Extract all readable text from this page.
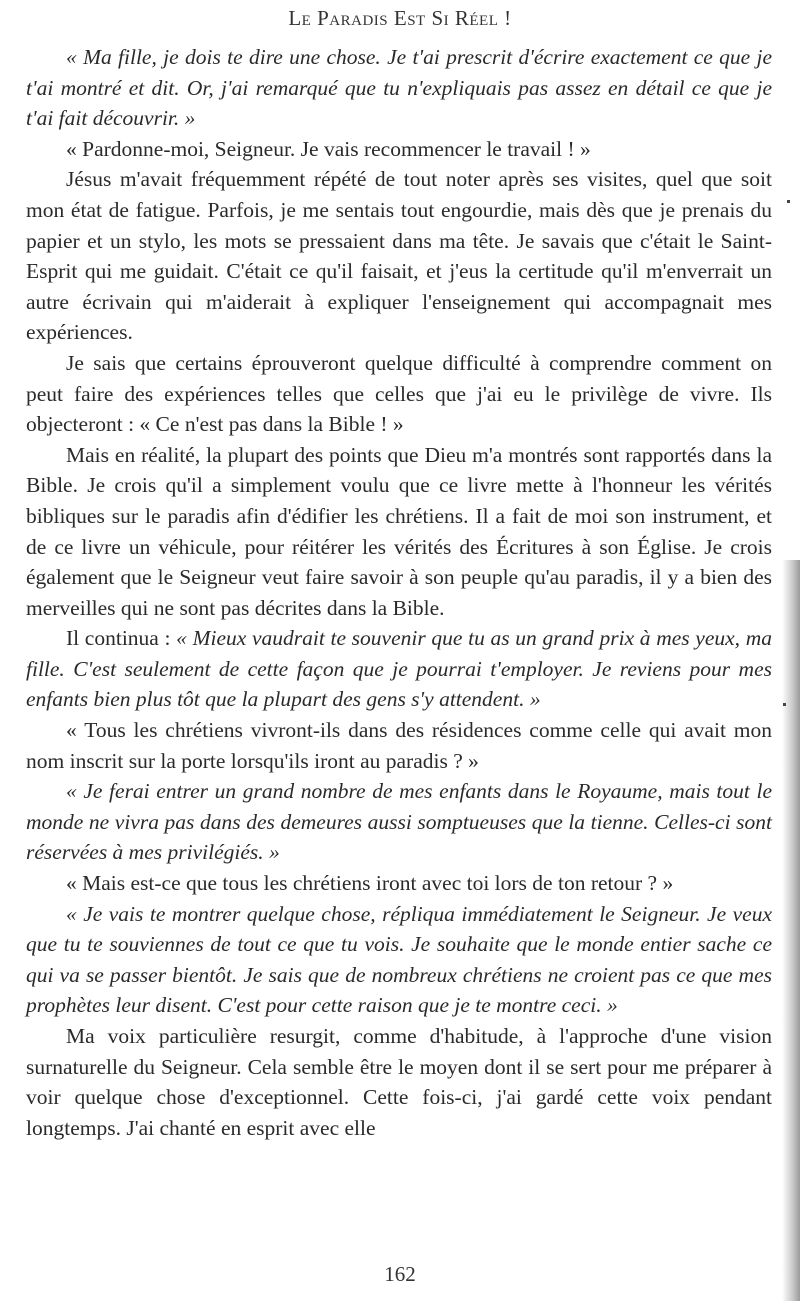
Le Paradis Est Si Réel !

« Ma fille, je dois te dire une chose. Je t'ai prescrit d'écrire exactement ce que je t'ai montré et dit. Or, j'ai remarqué que tu n'expliquais pas assez en détail ce que je t'ai fait découvrir. »

« Pardonne-moi, Seigneur. Je vais recommencer le travail ! »

Jésus m'avait fréquemment répété de tout noter après ses visites, quel que soit mon état de fatigue. Parfois, je me sentais tout engourdie, mais dès que je prenais du papier et un stylo, les mots se pressaient dans ma tête. Je savais que c'était le Saint-Esprit qui me guidait. C'était ce qu'il faisait, et j'eus la certitude qu'il m'enverrait un autre écrivain qui m'aiderait à expliquer l'enseignement qui accompagnait mes expériences.

Je sais que certains éprouveront quelque difficulté à comprendre comment on peut faire des expériences telles que celles que j'ai eu le privilège de vivre. Ils objecteront : « Ce n'est pas dans la Bible ! »

Mais en réalité, la plupart des points que Dieu m'a montrés sont rapportés dans la Bible. Je crois qu'il a simplement voulu que ce livre mette à l'honneur les vérités bibliques sur le paradis afin d'édifier les chrétiens. Il a fait de moi son instrument, et de ce livre un véhicule, pour réitérer les vérités des Écritures à son Église. Je crois également que le Seigneur veut faire savoir à son peuple qu'au paradis, il y a bien des merveilles qui ne sont pas décrites dans la Bible.

Il continua : « Mieux vaudrait te souvenir que tu as un grand prix à mes yeux, ma fille. C'est seulement de cette façon que je pourrai t'employer. Je reviens pour mes enfants bien plus tôt que la plupart des gens s'y attendent. »

« Tous les chrétiens vivront-ils dans des résidences comme celle qui avait mon nom inscrit sur la porte lorsqu'ils iront au paradis ? »

« Je ferai entrer un grand nombre de mes enfants dans le Royaume, mais tout le monde ne vivra pas dans des demeures aussi somptueuses que la tienne. Celles-ci sont réservées à mes privilégiés. »

« Mais est-ce que tous les chrétiens iront avec toi lors de ton retour ? »

« Je vais te montrer quelque chose, répliqua immédiatement le Seigneur. Je veux que tu te souviennes de tout ce que tu vois. Je souhaite que le monde entier sache ce qui va se passer bientôt. Je sais que de nombreux chrétiens ne croient pas ce que mes prophètes leur disent. C'est pour cette raison que je te montre ceci. »

Ma voix particulière resurgit, comme d'habitude, à l'approche d'une vision surnaturelle du Seigneur. Cela semble être le moyen dont il se sert pour me préparer à voir quelque chose d'exceptionnel. Cette fois-ci, j'ai gardé cette voix pendant longtemps. J'ai chanté en esprit avec elle

162
